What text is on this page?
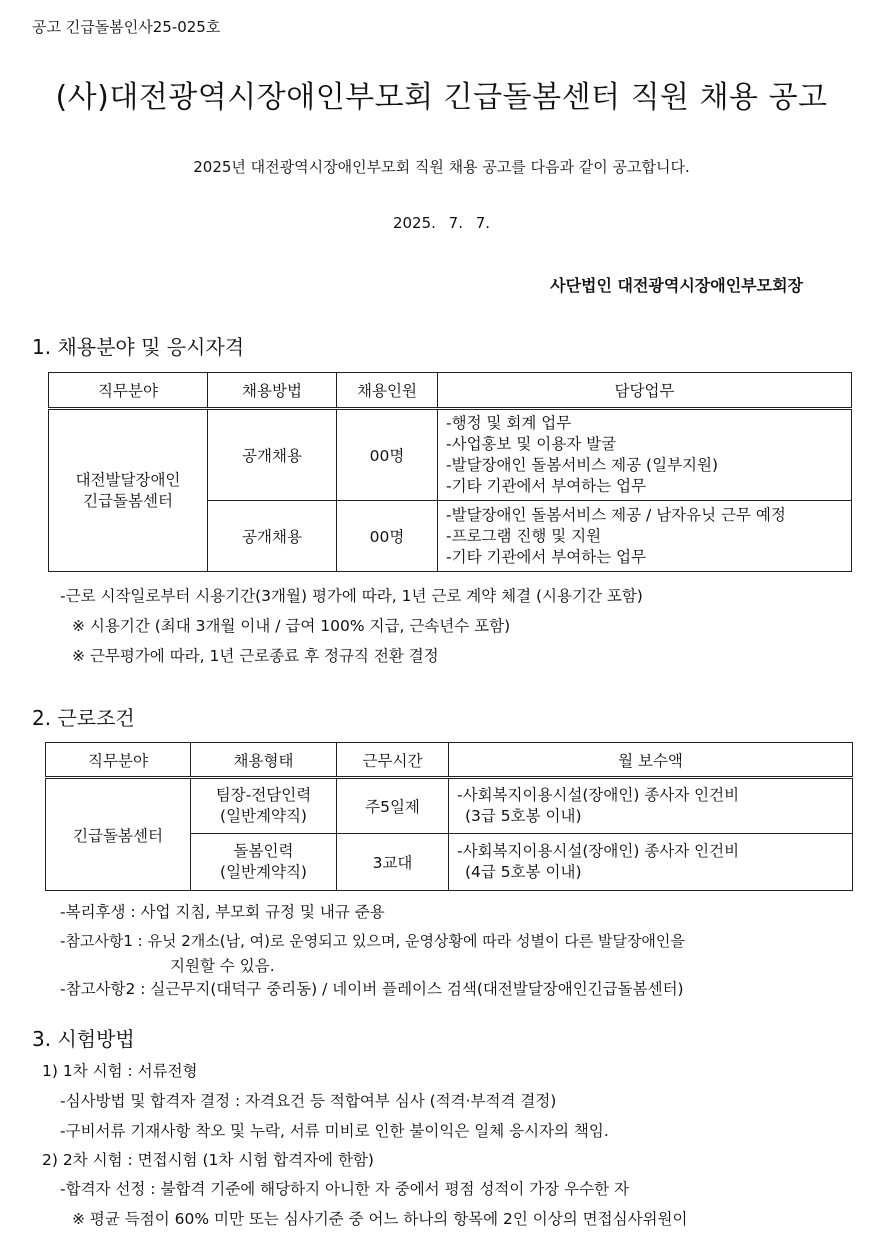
공고 긴급돌봄인사25-025호
(사)대전광역시장애인부모회 긴급돌봄센터 직원 채용 공고
2025년 대전광역시장애인부모회 직원 채용 공고를 다음과 같이 공고합니다.
2025. 7. 7.
사단법인 대전광역시장애인부모회장
1. 채용분야 및 응시자격
직무분야	채용방법	채용인원	담당업무

대전발달장애인
긴급돌봄센터	공개채용	00명	-행정 및 회계 업무
-사업홍보 및 이용자 발굴
-발달장애인 돌봄서비스 제공 (일부지원)
-기타 기관에서 부여하는 업무

	공개채용	00명	-발달장애인 돌봄서비스 제공 / 남자유닛 근무 예정
-프로그램 진행 및 지원
-기타 기관에서 부여하는 업무
-근로 시작일로부터 시용기간(3개월) 평가에 따라, 1년 근로 계약 체결 (시용기간 포함)
※ 시용기간 (최대 3개월 이내 / 급여 100% 지급, 근속년수 포함)
※ 근무평가에 따라, 1년 근로종료 후 정규직 전환 결정
2. 근로조건
직무분야	채용형태	근무시간	월 보수액
긴급돌봄센터	팀장-전담인력
(일반계약직)	주5일제	-사회복지이용시설(장애인) 종사자 인건비
(3급 5호봉 이내)

	돌봄인력
(일반계약직)	3교대	-사회복지이용시설(장애인) 종사자 인건비
(4급 5호봉 이내)
-복리후생 : 사업 지침, 부모회 규정 및 내규 준용
-참고사항1 : 유닛 2개소(남, 여)로 운영되고 있으며, 운영상황에 따라 성별이 다른 발달장애인을
지원할 수 있음.
-참고사항2 : 실근무지(대덕구 중리동) / 네이버 플레이스 검색(대전발달장애인긴급돌봄센터)
3. 시험방법
1) 1차 시험 : 서류전형
-심사방법 및 합격자 결정 : 자격요건 등 적합여부 심사 (적격·부적격 결정)
-구비서류 기재사항 착오 및 누락, 서류 미비로 인한 불이익은 일체 응시자의 책임.
2) 2차 시험 : 면접시험 (1차 시험 합격자에 한함)
-합격자 선정 : 불합격 기준에 해당하지 아니한 자 중에서 평점 성적이 가장 우수한 자
※ 평균 득점이 60% 미만 또는 심사기준 중 어느 하나의 항목에 2인 이상의 면접심사위원이
